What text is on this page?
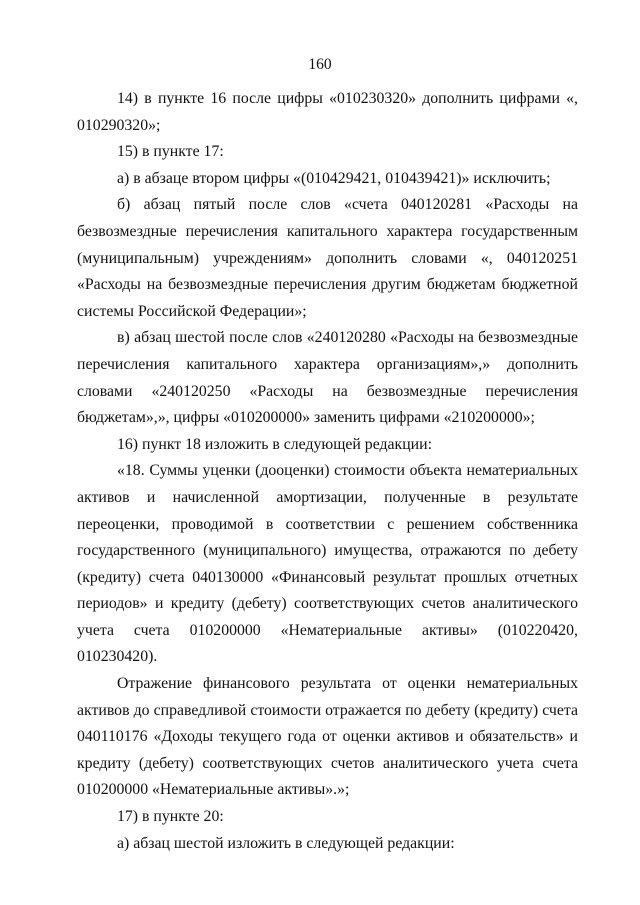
160

14) в пункте 16 после цифры «010230320» дополнить цифрами «, 010290320»;

15) в пункте 17:

а) в абзаце втором цифры «(010429421, 010439421)» исключить;

б) абзац пятый после слов «счета 040120281 «Расходы на безвозмездные перечисления капитального характера государственным (муниципальным) учреждениям» дополнить словами «, 040120251 «Расходы на безвозмездные перечисления другим бюджетам бюджетной системы Российской Федерации»;

в) абзац шестой после слов «240120280 «Расходы на безвозмездные перечисления капитального характера организациям»,» дополнить словами «240120250 «Расходы на безвозмездные перечисления бюджетам»,», цифры «010200000» заменить цифрами «210200000»;

16) пункт 18 изложить в следующей редакции:

«18. Суммы уценки (дооценки) стоимости объекта нематериальных активов и начисленной амортизации, полученные в результате переоценки, проводимой в соответствии с решением собственника государственного (муниципального) имущества, отражаются по дебету (кредиту) счета 040130000 «Финансовый результат прошлых отчетных периодов» и кредиту (дебету) соответствующих счетов аналитического учета счета 010200000 «Нематериальные активы» (010220420, 010230420).

Отражение финансового результата от оценки нематериальных активов до справедливой стоимости отражается по дебету (кредиту) счета 040110176 «Доходы текущего года от оценки активов и обязательств» и кредиту (дебету) соответствующих счетов аналитического учета счета 010200000 «Нематериальные активы».»;

17) в пункте 20:

а) абзац шестой изложить в следующей редакции:
